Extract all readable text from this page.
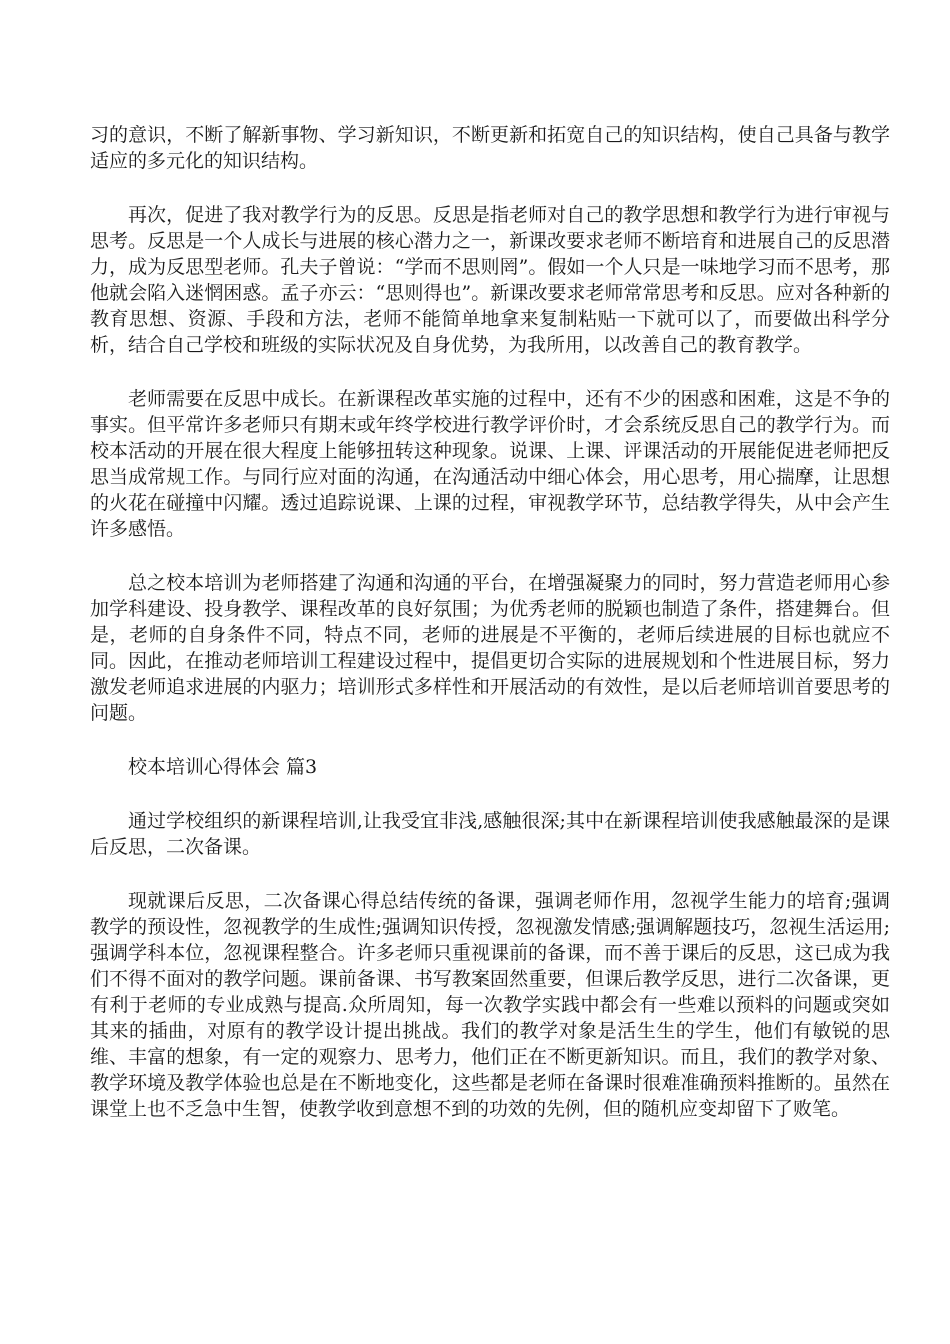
习的意识，不断了解新事物、学习新知识，不断更新和拓宽自己的知识结构，使自己具备与教学适应的多元化的知识结构。

再次，促进了我对教学行为的反思。反思是指老师对自己的教学思想和教学行为进行审视与思考。反思是一个人成长与进展的核心潜力之一，新课改要求老师不断培育和进展自己的反思潜力，成为反思型老师。孔夫子曾说：“学而不思则罔”。假如一个人只是一味地学习而不思考，那他就会陷入迷惘困惑。孟子亦云：“思则得也”。新课改要求老师常常思考和反思。应对各种新的教育思想、资源、手段和方法，老师不能简单地拿来复制粘贴一下就可以了，而要做出科学分析，结合自己学校和班级的实际状况及自身优势，为我所用，以改善自己的教育教学。

老师需要在反思中成长。在新课程改革实施的过程中，还有不少的困惑和困难，这是不争的事实。但平常许多老师只有期末或年终学校进行教学评价时，才会系统反思自己的教学行为。而校本活动的开展在很大程度上能够扭转这种现象。说课、上课、评课活动的开展能促进老师把反思当成常规工作。与同行应对面的沟通，在沟通活动中细心体会，用心思考，用心揣摩，让思想的火花在碰撞中闪耀。透过追踪说课、上课的过程，审视教学环节，总结教学得失，从中会产生许多感悟。

总之校本培训为老师搭建了沟通和沟通的平台，在增强凝聚力的同时，努力营造老师用心参加学科建设、投身教学、课程改革的良好氛围；为优秀老师的脱颖也制造了条件，搭建舞台。但是，老师的自身条件不同，特点不同，老师的进展是不平衡的，老师后续进展的目标也就应不同。因此，在推动老师培训工程建设过程中，提倡更切合实际的进展规划和个性进展目标，努力激发老师追求进展的内驱力；培训形式多样性和开展活动的有效性，是以后老师培训首要思考的问题。

校本培训心得体会 篇3

通过学校组织的新课程培训,让我受宜非浅,感触很深;其中在新课程培训使我感触最深的是课后反思，二次备课。

现就课后反思，二次备课心得总结传统的备课，强调老师作用，忽视学生能力的培育;强调教学的预设性，忽视教学的生成性;强调知识传授，忽视激发情感;强调解题技巧，忽视生活运用;强调学科本位，忽视课程整合。许多老师只重视课前的备课，而不善于课后的反思，这已成为我们不得不面对的教学问题。课前备课、书写教案固然重要，但课后教学反思，进行二次备课，更有利于老师的专业成熟与提高.众所周知，每一次教学实践中都会有一些难以预料的问题或突如其来的插曲，对原有的教学设计提出挑战。我们的教学对象是活生生的学生，他们有敏锐的思维、丰富的想象，有一定的观察力、思考力，他们正在不断更新知识。而且，我们的教学对象、教学环境及教学体验也总是在不断地变化，这些都是老师在备课时很难准确预料推断的。虽然在课堂上也不乏急中生智，使教学收到意想不到的功效的先例，但的随机应变却留下了败笔。
